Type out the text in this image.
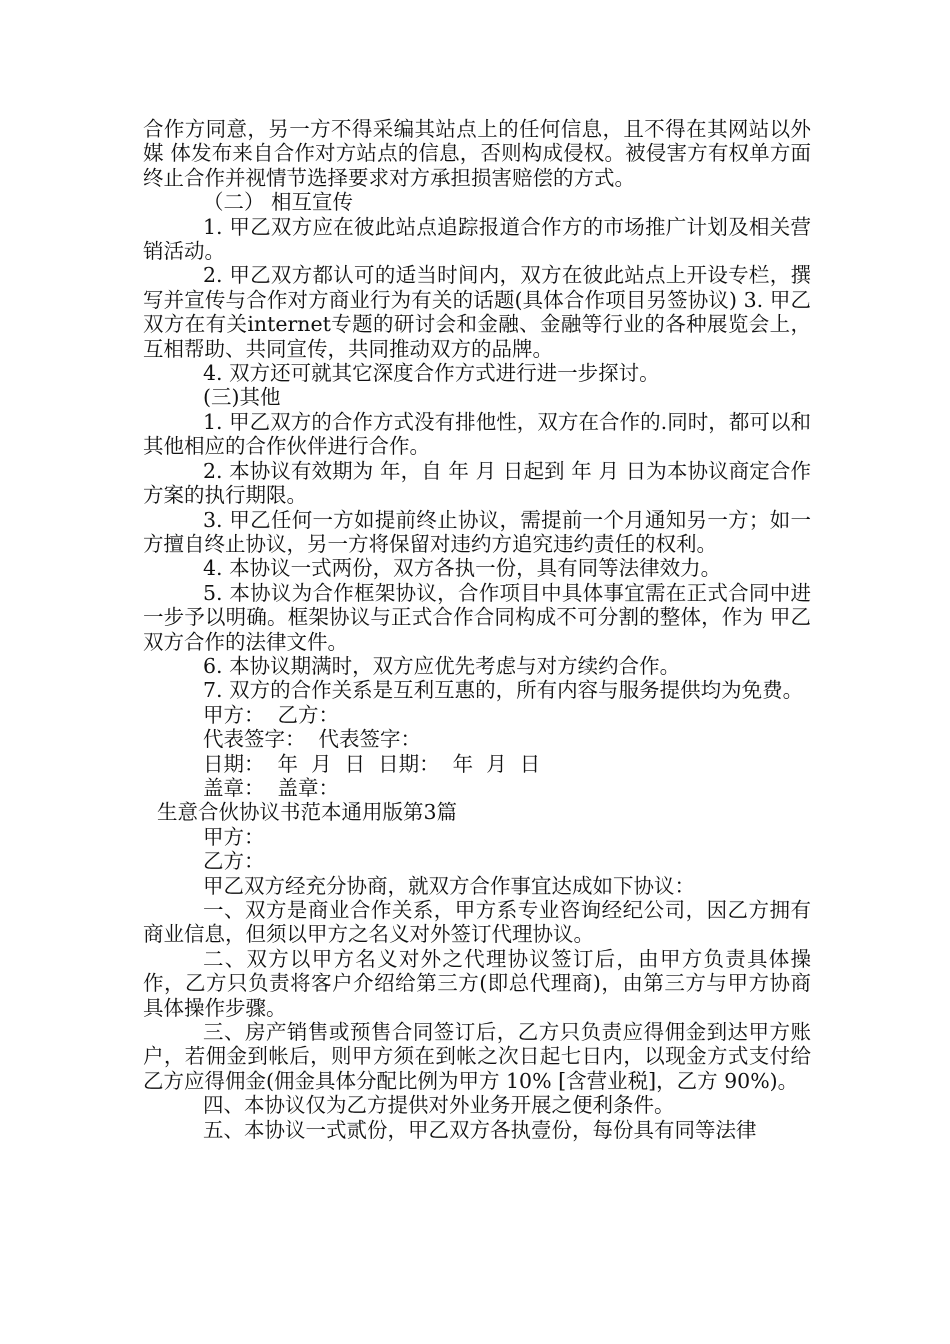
合作方同意，另一方不得采编其站点上的任何信息，且不得在其网站以外媒 体发布来自合作对方站点的信息，否则构成侵权。被侵害方有权单方面终止合作并视情节选择要求对方承担损害赔偿的方式。

（二） 相互宣传

1. 甲乙双方应在彼此站点追踪报道合作方的市场推广计划及相关营销活动。

2. 甲乙双方都认可的适当时间内，双方在彼此站点上开设专栏，撰写并宣传与合作对方商业行为有关的话题(具体合作项目另签协议) 3. 甲乙双方在有关internet专题的研讨会和金融、金融等行业的各种展览会上，互相帮助、共同宣传，共同推动双方的品牌。

4. 双方还可就其它深度合作方式进行进一步探讨。

(三)其他

1. 甲乙双方的合作方式没有排他性，双方在合作的.同时，都可以和其他相应的合作伙伴进行合作。

2. 本协议有效期为 年，自 年 月 日起到 年 月 日为本协议商定合作方案的执行期限。

3. 甲乙任何一方如提前终止协议，需提前一个月通知另一方；如一方擅自终止协议，另一方将保留对违约方追究违约责任的权利。

4. 本协议一式两份，双方各执一份，具有同等法律效力。

5. 本协议为合作框架协议，合作项目中具体事宜需在正式合同中进一步予以明确。框架协议与正式合作合同构成不可分割的整体，作为 甲乙双方合作的法律文件。

6. 本协议期满时，双方应优先考虑与对方续约合作。

7. 双方的合作关系是互利互惠的，所有内容与服务提供均为免费。

甲方：  乙方：

代表签字：  代表签字：

日期：  年  月  日  日期：  年  月  日

盖章：  盖章：

生意合伙协议书范本通用版第3篇

甲方：

乙方：

甲乙双方经充分协商，就双方合作事宜达成如下协议：

一、双方是商业合作关系，甲方系专业咨询经纪公司，因乙方拥有商业信息，但须以甲方之名义对外签订代理协议。

二、双方以甲方名义对外之代理协议签订后，由甲方负责具体操作，乙方只负责将客户介绍给第三方(即总代理商)，由第三方与甲方协商具体操作步骤。

三、房产销售或预售合同签订后，乙方只负责应得佣金到达甲方账户，若佣金到帐后，则甲方须在到帐之次日起七日内，以现金方式支付给乙方应得佣金(佣金具体分配比例为甲方 10% [含营业税]，乙方 90%)。

四、本协议仅为乙方提供对外业务开展之便利条件。

五、本协议一式贰份，甲乙双方各执壹份，每份具有同等法律
